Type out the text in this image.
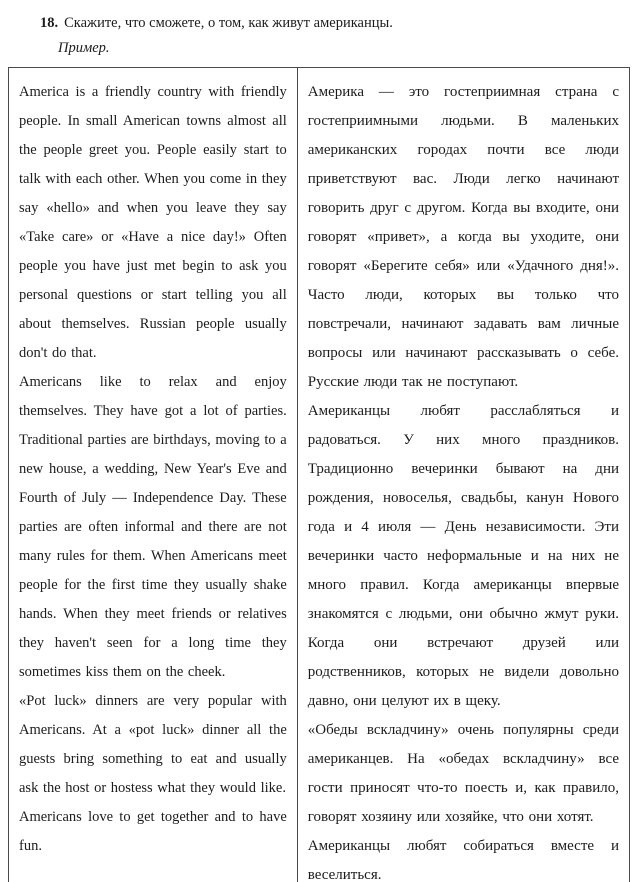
18. Скажите, что сможете, о том, как живут американцы.
Пример.

America is a friendly country with friendly people. In small American towns almost all the people greet you. People easily start to talk with each other. When you come in they say «hello» and when you leave they say «Take care» or «Have a nice day!» Often people you have just met begin to ask you personal questions or start telling you all about themselves. Russian people usually don't do that.

Americans like to relax and enjoy themselves. They have got a lot of parties. Traditional parties are birthdays, moving to a new house, a wedding, New Year's Eve and Fourth of July — Independence Day. These parties are often informal and there are not many rules for them. When Americans meet people for the first time they usually shake hands. When they meet friends or relatives they haven't seen for a long time they sometimes kiss them on the cheek.

«Pot luck» dinners are very popular with Americans. At a «pot luck» dinner all the guests bring something to eat and usually ask the host or hostess what they would like.

Americans love to get together and to have fun.

Америка — это гостеприимная страна с гостеприимными людьми. В маленьких американских городах почти все люди приветствуют вас. Люди легко начинают говорить друг с другом. Когда вы входите, они говорят «привет», а когда вы уходите, они говорят «Берегите себя» или «Удачного дня!». Часто люди, которых вы только что повстречали, начинают задавать вам личные вопросы или начинают рассказывать о себе. Русские люди так не поступают.

Американцы любят расслабляться и радоваться. У них много праздников. Традиционно вечеринки бывают на дни рождения, новоселья, свадьбы, канун Нового года и 4 июля — День независимости. Эти вечеринки часто неформальные и на них не много правил. Когда американцы впервые знакомятся с людьми, они обычно жмут руки. Когда они встречают друзей или родственников, которых не видели довольно давно, они целуют их в щеку.

«Обеды вскладчину» очень популярны среди американцев. На «обедах вскладчину» все гости приносят что-то поесть и, как правило, говорят хозяину или хозяйке, что они хотят.

Американцы любят собираться вместе и веселиться.
